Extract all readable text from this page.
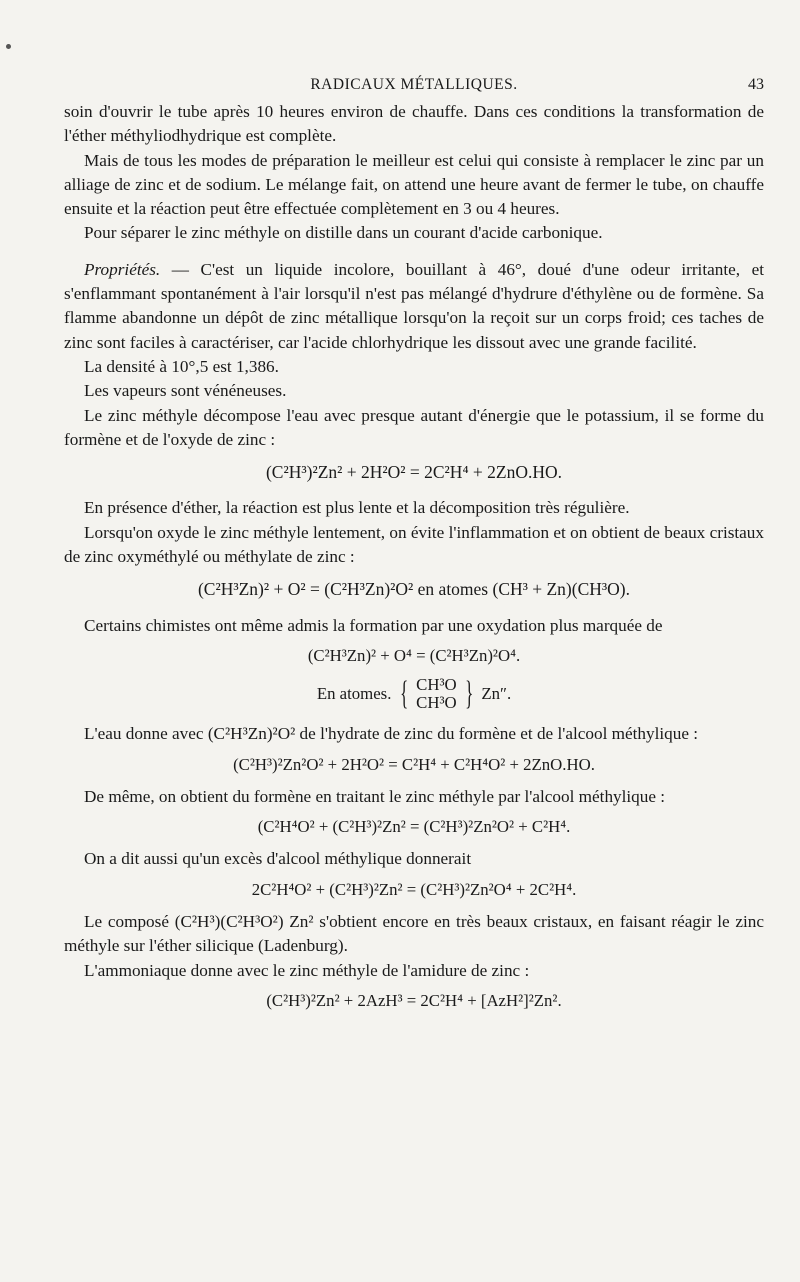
RADICAUX MÉTALLIQUES.	43

soin d'ouvrir le tube après 10 heures environ de chauffe. Dans ces conditions la transformation de l'éther méthyliodhydrique est complète.

Mais de tous les modes de préparation le meilleur est celui qui consiste à remplacer le zinc par un alliage de zinc et de sodium. Le mélange fait, on attend une heure avant de fermer le tube, on chauffe ensuite et la réaction peut être effectuée complètement en 3 ou 4 heures.

Pour séparer le zinc méthyle on distille dans un courant d'acide carbonique.

Propriétés. — C'est un liquide incolore, bouillant à 46°, doué d'une odeur irritante, et s'enflammant spontanément à l'air lorsqu'il n'est pas mélangé d'hydrure d'éthylène ou de formène. Sa flamme abandonne un dépôt de zinc métallique lorsqu'on la reçoit sur un corps froid; ces taches de zinc sont faciles à caractériser, car l'acide chlorhydrique les dissout avec une grande facilité.

La densité à 10°,5 est 1,386.

Les vapeurs sont vénéneuses.

Le zinc méthyle décompose l'eau avec presque autant d'énergie que le potassium, il se forme du formène et de l'oxyde de zinc :

(C²H³)²Zn² + 2H²O² = 2C²H⁴ + 2ZnO.HO.

En présence d'éther, la réaction est plus lente et la décomposition très régulière.

Lorsqu'on oxyde le zinc méthyle lentement, on évite l'inflammation et on obtient de beaux cristaux de zinc oxyméthylé ou méthylate de zinc :

(C²H³Zn)² + O² = (C²H³Zn)²O² en atomes (CH³ + Zn)(CH³O).

Certains chimistes ont même admis la formation par une oxydation plus marquée de

(C²H³Zn)² + O⁴ = (C²H³Zn)²O⁴.
En atomes. { CH³O
CH³O } Zn″.

L'eau donne avec (C²H³Zn)²O² de l'hydrate de zinc du formène et de l'alcool méthylique :

(C²H³)²Zn²O² + 2H²O² = C²H⁴ + C²H⁴O² + 2ZnO.HO.

De même, on obtient du formène en traitant le zinc méthyle par l'alcool méthylique :

(C²H⁴O² + (C²H³)²Zn² = (C²H³)²Zn²O² + C²H⁴.

On a dit aussi qu'un excès d'alcool méthylique donnerait

2C²H⁴O² + (C²H³)²Zn² = (C²H³)²Zn²O⁴ + 2C²H⁴.

Le composé (C²H³)(C²H³O²) Zn² s'obtient encore en très beaux cristaux, en faisant réagir le zinc méthyle sur l'éther silicique (Ladenburg).

L'ammoniaque donne avec le zinc méthyle de l'amidure de zinc :

(C²H³)²Zn² + 2AzH³ = 2C²H⁴ + [AzH²]²Zn².
